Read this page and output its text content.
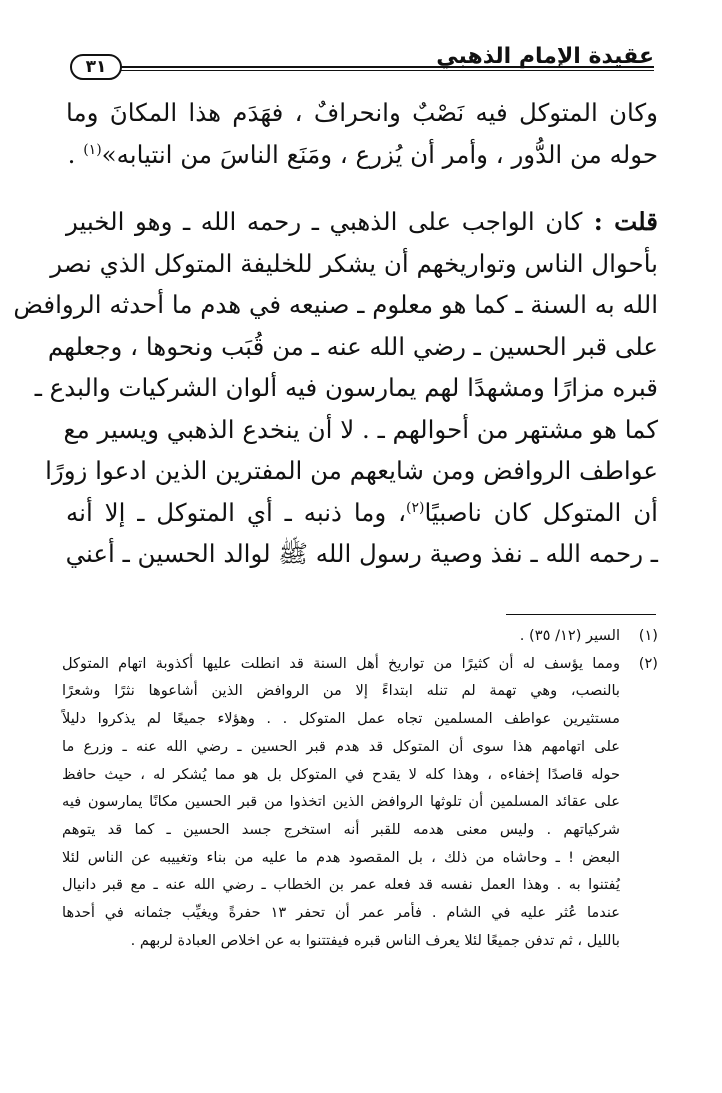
عقيدة الإمام الذهبي
٣١

وكان المتوكل فيه نَصْبٌ وانحرافٌ ، فهَدَم هذا المكانَ وما
حوله من الدُّور ، وأمر أن يُزرع ، ومَنَع الناسَ من انتيابه»$^{(١)}$ .

قلت : كان الواجب على الذهبي ـ رحمه الله ـ وهو الخبير
بأحوال الناس وتواريخهم أن يشكر للخليفة المتوكل الذي نصر
الله به السنة ـ كما هو معلوم ـ صنيعه في هدم ما أحدثه الروافض
على قبر الحسين ـ رضي الله عنه ـ من قُبَب ونحوها ، وجعلهم
قبره مزارًا ومشهدًا لهم يمارسون فيه ألوان الشركيات والبدع ـ
كما هو مشتهر من أحوالهم ـ . لا أن ينخدع الذهبي ويسير مع
عواطف الروافض ومن شايعهم من المفترين الذين ادعوا زورًا
أن المتوكل كان ناصبيًا$^{(٢)}$، وما ذنبه ـ أي المتوكل ـ إلا أنه
ـ رحمه الله ـ نفذ وصية رسول الله ﷺ لوالد الحسين ـ أعني

(١)
السير (١٢/ ٣٥) .
(٢)
ومما يؤسف له أن كثيرًا من تواريخ أهل السنة قد انطلت عليها أكذوبة اتهام المتوكل
بالنصب، وهي تهمة لم تنله ابتداءً إلا من الروافض الذين أشاعوها نثرًا وشعرًا
مستثيرين عواطف المسلمين تجاه عمل المتوكل . . وهؤلاء جميعًا لم يذكروا دليلاً
على اتهامهم هذا سوى أن المتوكل قد هدم قبر الحسين ـ رضي الله عنه ـ وزرع ما
حوله قاصدًا إخفاءه ، وهذا كله لا يقدح في المتوكل بل هو مما يُشكر له ، حيث حافظ
على عقائد المسلمين أن تلوثها الروافض الذين اتخذوا من قبر الحسين مكانًا يمارسون فيه
شركياتهم . وليس معنى هدمه للقبر أنه استخرج جسد الحسين ـ كما قد يتوهم
البعض ! ـ وحاشاه من ذلك ، بل المقصود هدم ما عليه من بناء وتغييبه عن الناس لئلا
يُفتنوا به . وهذا العمل نفسه قد فعله عمر بن الخطاب ـ رضي الله عنه ـ مع قبر دانيال
عندما عُثر عليه في الشام . فأمر عمر أن تحفر ١٣ حفرةً ويغيِّب جثمانه في أحدها
بالليل ، ثم تدفن جميعًا لئلا يعرف الناس قبره فيفتتنوا به عن اخلاص العبادة لربهم .
